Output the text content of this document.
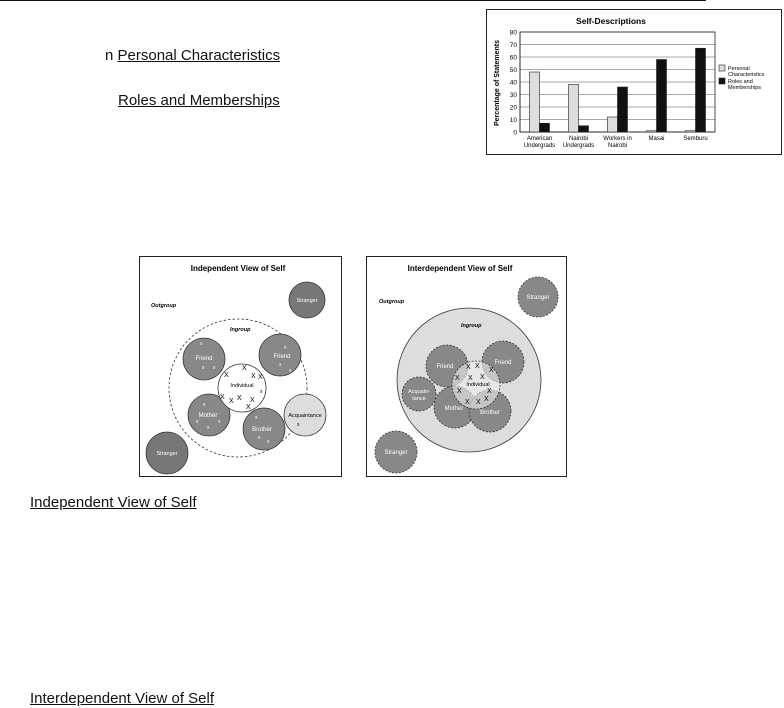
n Personal Characteristics
Roles and Memberships
Self-Descriptions
Percentage of Statements
0
10
20
30
40
50
60
70
80
American
Undergrads
Nairobi
Undergrads
Workers in
Nairobi
Masai	Semburu
Personal
Characteristics
Roles and
Memberships
Independent View of Self
Outgroup
Stranger
Ingroup
Friend
x
x x
Friend
x
x
x
Mother
x
x
x
x
Brother
x
x
x
Acquaintance
x
Individual
X
X	X X
X
X X X
X
x
Stranger
Interdependent View of Self
Outgroup
Stranger
Ingroup
Friend
Friend
Acquain-
tance
Mother
Brother
Individual
X X
X
X X X
X	X
X X X
Stranger
Independent View of Self
Interdependent View of Self
